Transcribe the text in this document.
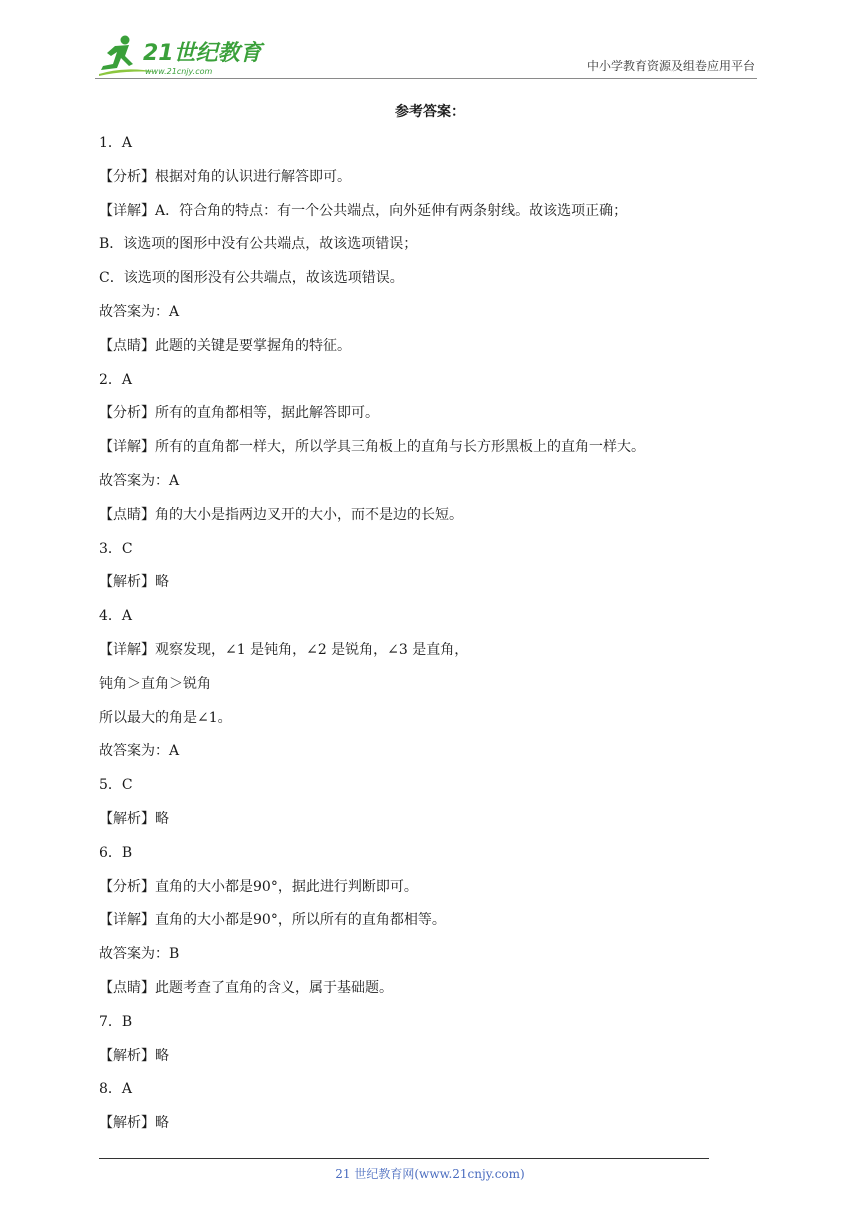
21世纪教育
www.21cnjy.com	中小学教育资源及组卷应用平台
参考答案：
1．A
【分析】根据对角的认识进行解答即可。
【详解】A．符合角的特点：有一个公共端点，向外延伸有两条射线。故该选项正确；
B．该选项的图形中没有公共端点，故该选项错误；
C．该选项的图形没有公共端点，故该选项错误。
故答案为：A
【点睛】此题的关键是要掌握角的特征。
2．A
【分析】所有的直角都相等，据此解答即可。
【详解】所有的直角都一样大，所以学具三角板上的直角与长方形黑板上的直角一样大。
故答案为：A
【点睛】角的大小是指两边叉开的大小，而不是边的长短。
3．C
【解析】略
4．A
【详解】观察发现，∠1 是钝角，∠2 是锐角，∠3 是直角，
钝角＞直角＞锐角
所以最大的角是∠1。
故答案为：A
5．C
【解析】略
6．B
【分析】直角的大小都是90°，据此进行判断即可。
【详解】直角的大小都是90°，所以所有的直角都相等。
故答案为：B
【点睛】此题考查了直角的含义，属于基础题。
7．B
【解析】略
8．A
【解析】略
21 世纪教育网(www.21cnjy.com)
